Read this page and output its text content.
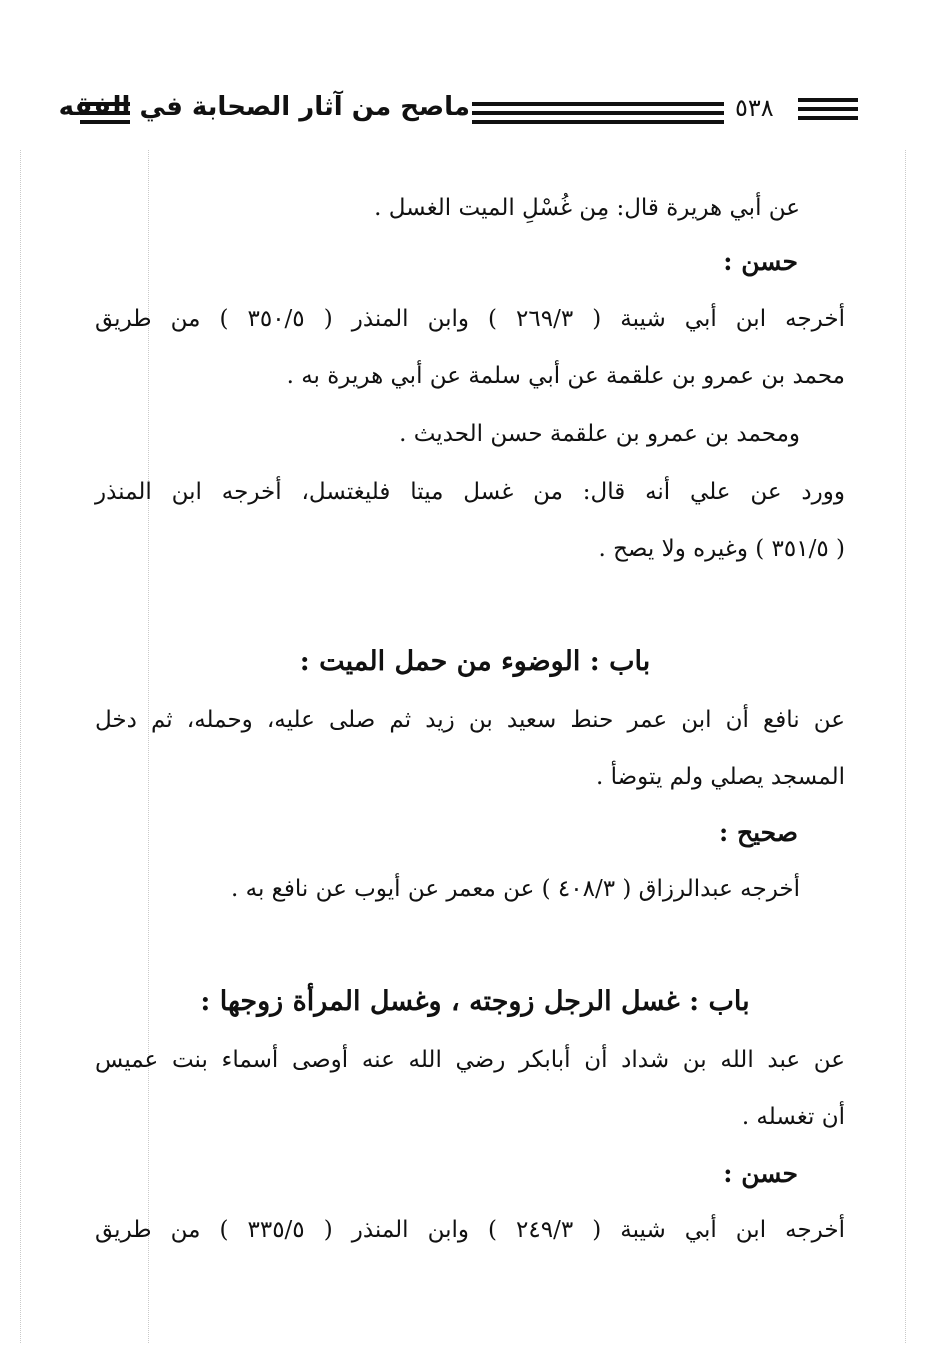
ماصح من آثار الصحابة في الفقه	٥٣٨
عن أبي هريرة قال: مِن غُسْلِ الميت الغسل .
حسن :
أخرجه ابن أبي شيبة ( ٢٦٩/٣ ) وابن المنذر ( ٣٥٠/٥ ) من طريق
محمد بن عمرو بن علقمة عن أبي سلمة عن أبي هريرة به .
ومحمد بن عمرو بن علقمة حسن الحديث .
وورد عن علي أنه قال: من غسل ميتا فليغتسل، أخرجه ابن المنذر
( ٣٥١/٥ ) وغيره ولا يصح .
باب : الوضوء من حمل الميت :
عن نافع أن ابن عمر حنط سعيد بن زيد ثم صلى عليه، وحمله، ثم دخل
المسجد يصلي ولم يتوضأ .
صحيح :
أخرجه عبدالرزاق ( ٤٠٨/٣ ) عن معمر عن أيوب عن نافع به .
باب : غسل الرجل زوجته ، وغسل المرأة زوجها :
عن عبد الله بن شداد أن أبابكر رضي الله عنه أوصى أسماء بنت عميس
أن تغسله .
حسن :
أخرجه ابن أبي شيبة ( ٢٤٩/٣ ) وابن المنذر ( ٣٣٥/٥ ) من طريق
